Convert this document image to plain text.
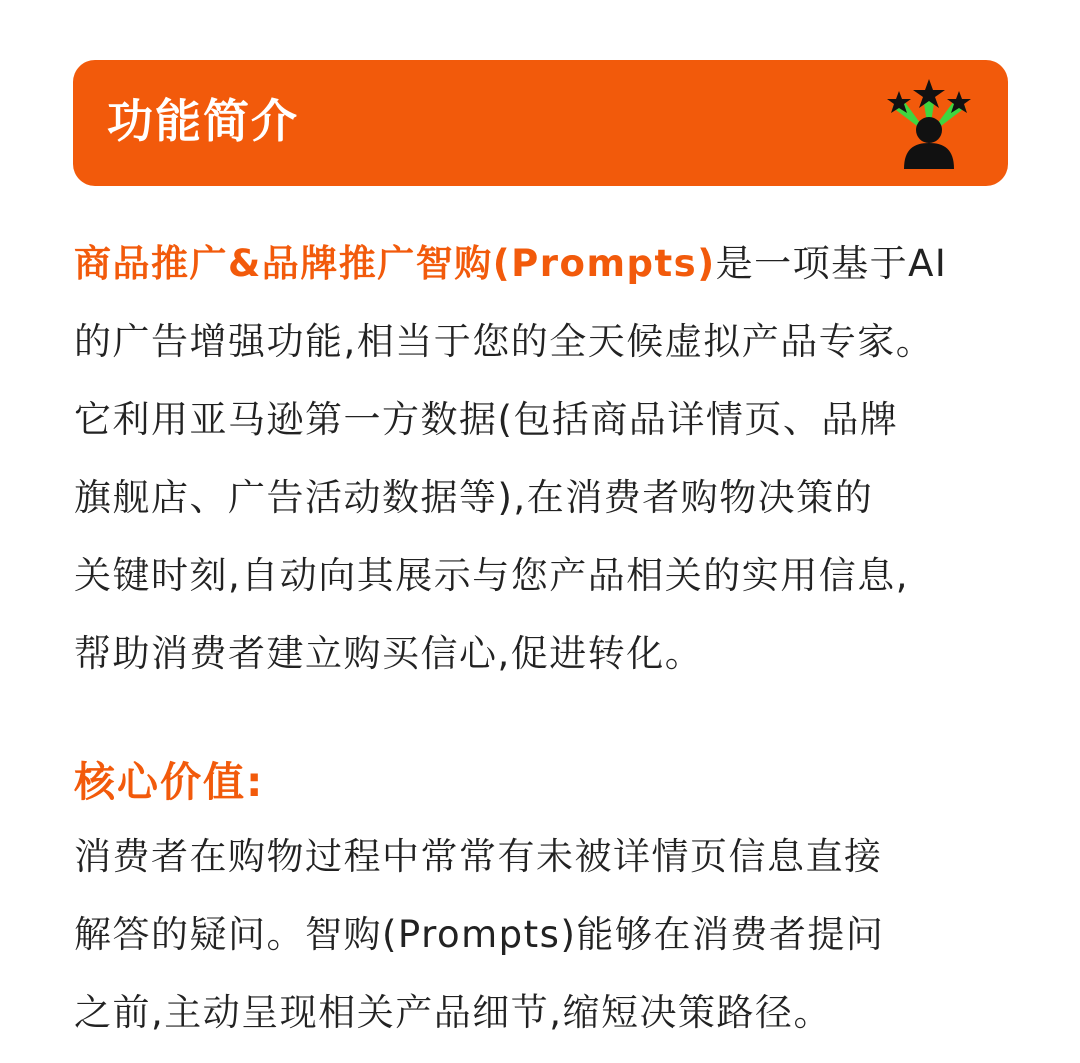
功能简介

商品推广&品牌推广智购(Prompts)是一项基于AI
的广告增强功能,相当于您的全天候虚拟产品专家。
它利用亚马逊第一方数据(包括商品详情页、品牌
旗舰店、广告活动数据等),在消费者购物决策的
关键时刻,自动向其展示与您产品相关的实用信息,
帮助消费者建立购买信心,促进转化。

核心价值:

消费者在购物过程中常常有未被详情页信息直接
解答的疑问。智购(Prompts)能够在消费者提问
之前,主动呈现相关产品细节,缩短决策路径。
